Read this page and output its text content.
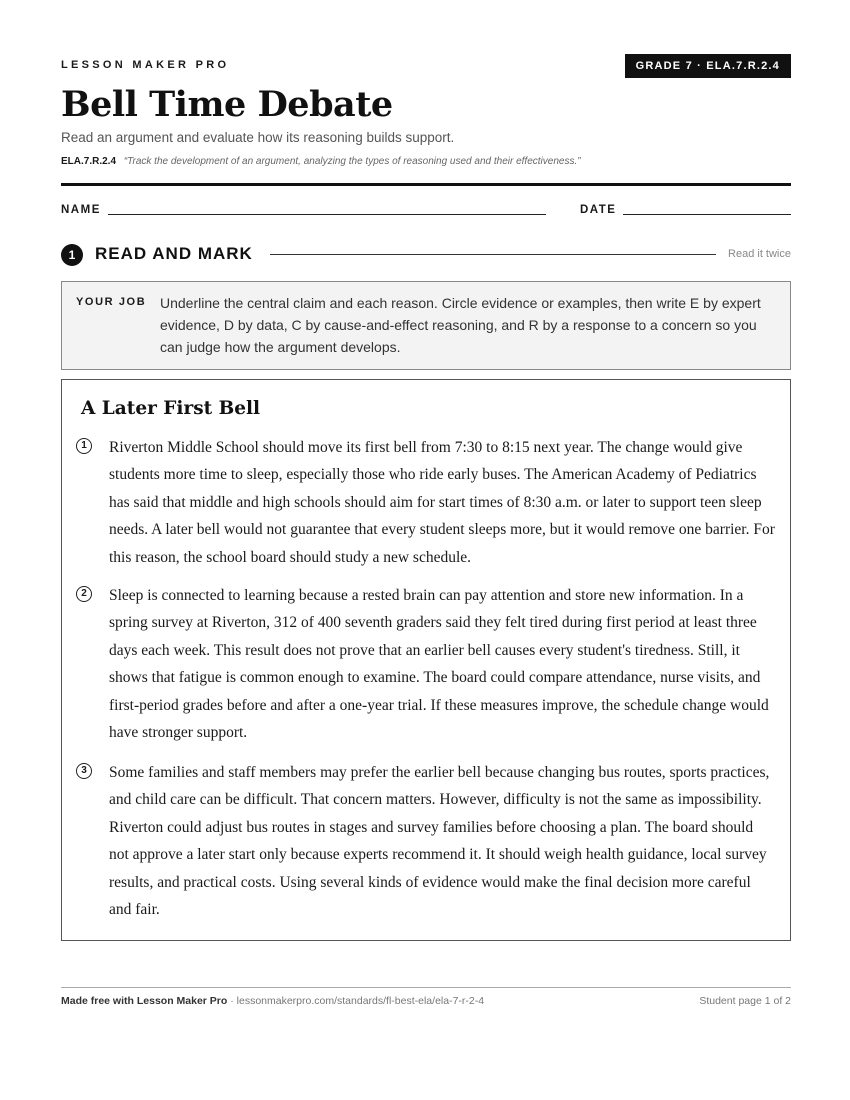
LESSON MAKER PRO	GRADE 7 · ELA.7.R.2.4
Bell Time Debate
Read an argument and evaluate how its reasoning builds support.
ELA.7.R.2.4 “Track the development of an argument, analyzing the types of reasoning used and their effectiveness.”
NAME	DATE
1	READ AND MARK	Read it twice
YOUR JOB Underline the central claim and each reason. Circle evidence or examples, then write E by expert evidence, D by data, C by cause-and-effect reasoning, and R by a response to a concern so you can judge how the argument develops.
A Later First Bell
1	Riverton Middle School should move its first bell from 7:30 to 8:15 next year. The change would give students more time to sleep, especially those who ride early buses. The American Academy of Pediatrics has said that middle and high schools should aim for start times of 8:30 a.m. or later to support teen sleep needs. A later bell would not guarantee that every student sleeps more, but it would remove one barrier. For this reason, the school board should study a new schedule.
2	Sleep is connected to learning because a rested brain can pay attention and store new information. In a spring survey at Riverton, 312 of 400 seventh graders said they felt tired during first period at least three days each week. This result does not prove that an earlier bell causes every student's tiredness. Still, it shows that fatigue is common enough to examine. The board could compare attendance, nurse visits, and first-period grades before and after a one-year trial. If these measures improve, the schedule change would have stronger support.
3	Some families and staff members may prefer the earlier bell because changing bus routes, sports practices, and child care can be difficult. That concern matters. However, difficulty is not the same as impossibility. Riverton could adjust bus routes in stages and survey families before choosing a plan. The board should not approve a later start only because experts recommend it. It should weigh health guidance, local survey results, and practical costs. Using several kinds of evidence would make the final decision more careful and fair.
Made free with Lesson Maker Pro · lessonmakerpro.com/standards/fl-best-ela/ela-7-r-2-4	Student page 1 of 2
